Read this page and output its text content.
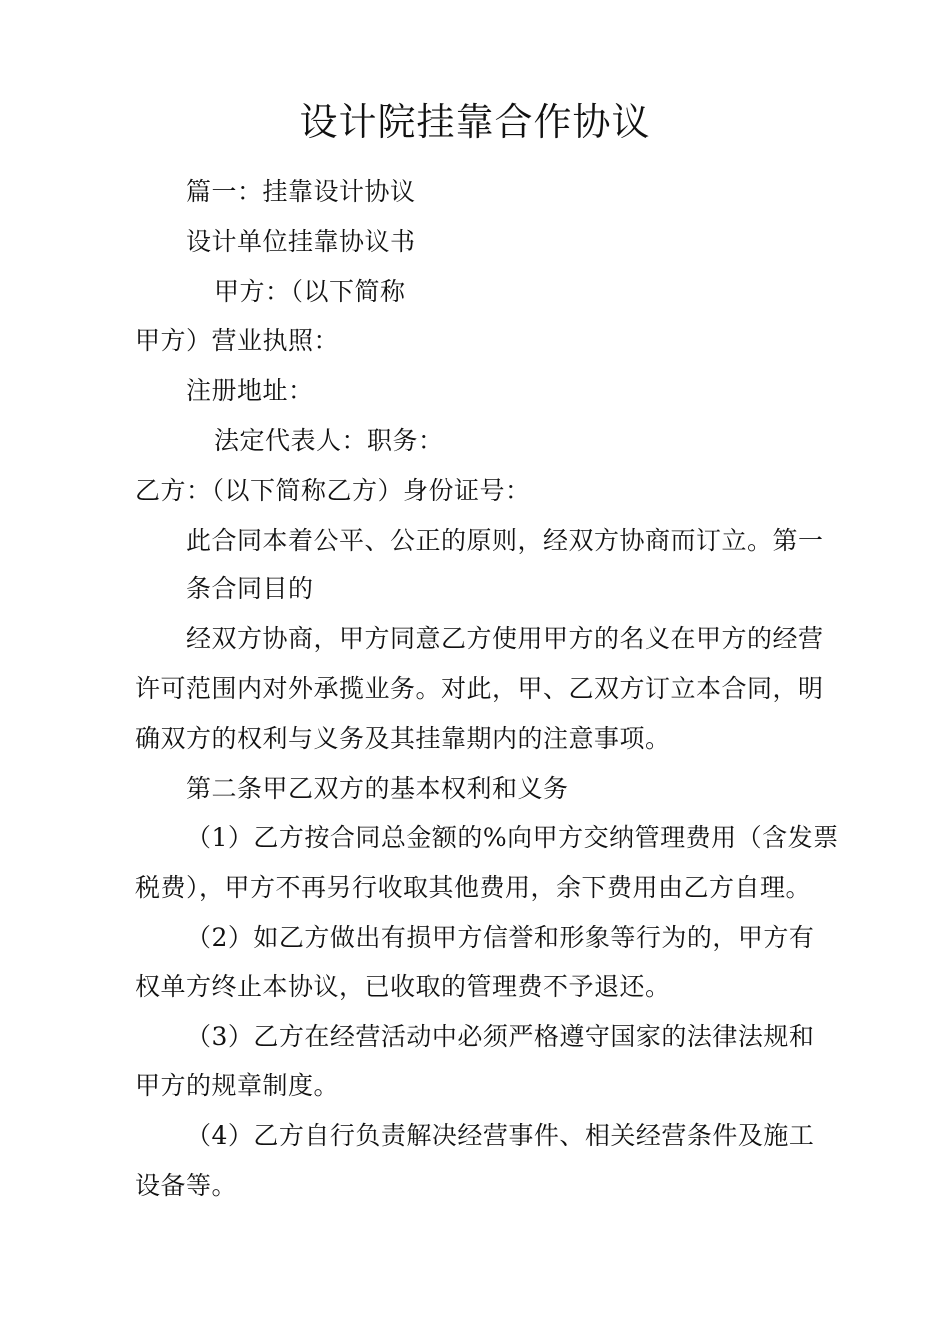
设计院挂靠合作协议
篇一：挂靠设计协议
设计单位挂靠协议书
甲方：（以下简称
甲方）营业执照：
注册地址：
法定代表人：职务：
乙方：（以下简称乙方）身份证号：
此合同本着公平、公正的原则，经双方协商而订立。第一
条合同目的
经双方协商，甲方同意乙方使用甲方的名义在甲方的经营
许可范围内对外承揽业务。对此，甲、乙双方订立本合同，明
确双方的权利与义务及其挂靠期内的注意事项。
第二条甲乙双方的基本权利和义务
（1）乙方按合同总金额的%向甲方交纳管理费用（含发票
税费），甲方不再另行收取其他费用，余下费用由乙方自理。
（2）如乙方做出有损甲方信誉和形象等行为的，甲方有
权单方终止本协议，已收取的管理费不予退还。
（3）乙方在经营活动中必须严格遵守国家的法律法规和
甲方的规章制度。
（4）乙方自行负责解决经营事件、相关经营条件及施工
设备等。
